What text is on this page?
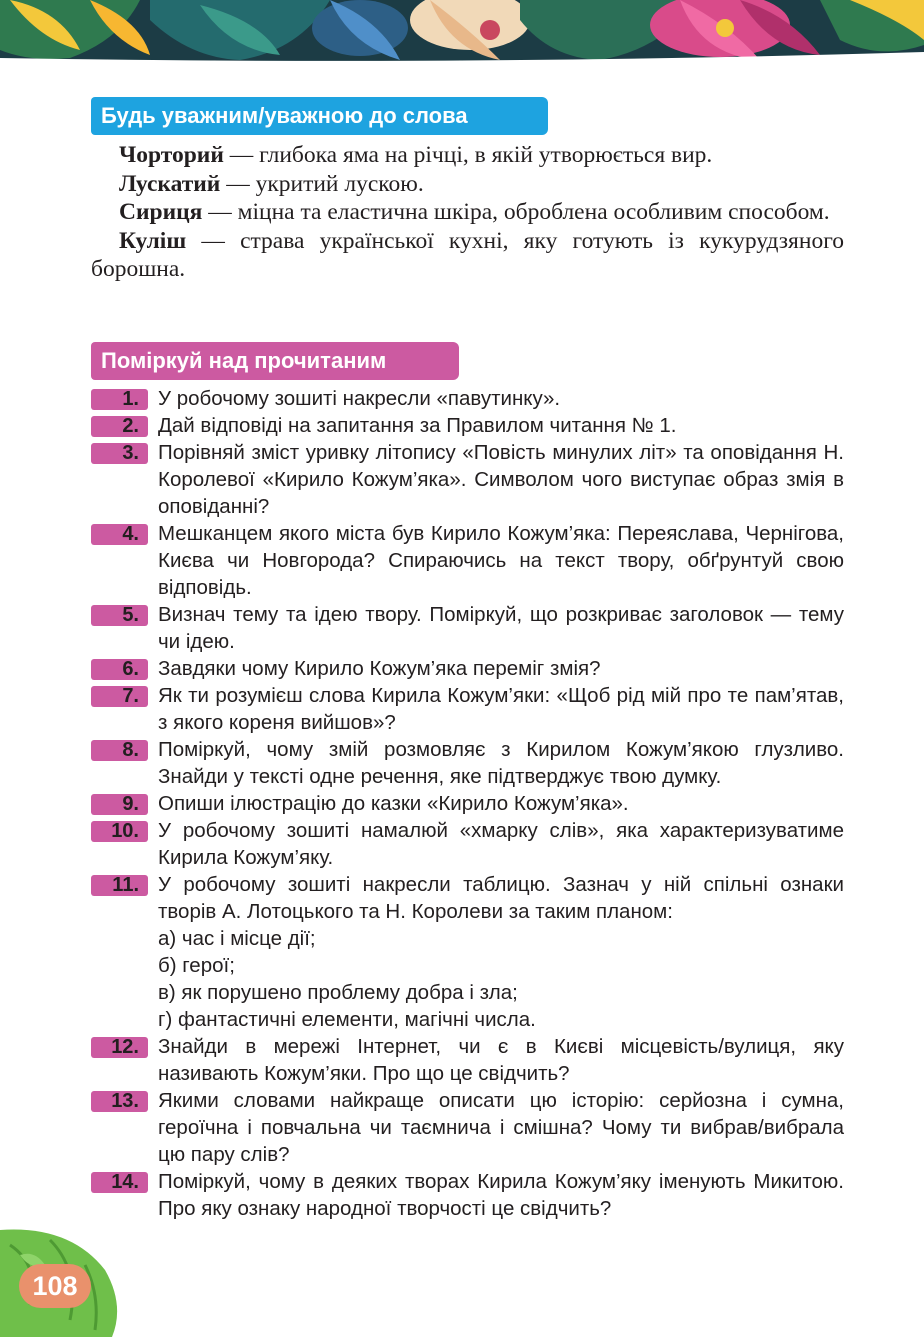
Будь уважним/уважною до слова

Чорторий — глибока яма на річці, в якій утворюється вир.

Лускатий — укритий лускою.

Сириця — міцна та еластична шкіра, оброблена особливим способом.

Куліш — страва української кухні, яку готують із кукурудзяного борошна.

Поміркуй над прочитаним
1. У робочому зошиті накресли «павутинку».
2. Дай відповіді на запитання за Правилом читання № 1.
3. Порівняй зміст уривку літопису «Повість минулих літ» та оповідання Н. Королевої «Кирило Кожум’яка». Символом чого виступає образ змія в оповіданні?
4. Мешканцем якого міста був Кирило Кожум’яка: Переяслава, Чернігова, Києва чи Новгорода? Спираючись на текст твору, обґрунтуй свою відповідь.
5. Визнач тему та ідею твору. Поміркуй, що розкриває заголовок — тему чи ідею.
6. Завдяки чому Кирило Кожум’яка переміг змія?
7. Як ти розумієш слова Кирила Кожум’яки: «Щоб рід мій про те пам’ятав, з якого кореня вийшов»?
8. Поміркуй, чому змій розмовляє з Кирилом Кожум’якою глузливо. Знайди у тексті одне речення, яке підтверджує твою думку.
9. Опиши ілюстрацію до казки «Кирило Кожум’яка».
10. У робочому зошиті намалюй «хмарку слів», яка характеризуватиме Кирила Кожум’яку.
11. У робочому зошиті накресли таблицю. Зазнач у ній спільні ознаки творів А. Лотоцького та Н. Королеви за таким планом:
а) час і місце дії;
б) герої;
в) як порушено проблему добра і зла;
г) фантастичні елементи, магічні числа.
12. Знайди в мережі Інтернет, чи є в Києві місцевість/вулиця, яку називають Кожум’яки. Про що це свідчить?
13. Якими словами найкраще описати цю історію: серйозна і сумна, героїчна і повчальна чи таємнича і смішна? Чому ти вибрав/вибрала цю пару слів?
14. Поміркуй, чому в деяких творах Кирила Кожум’яку іменують Микитою. Про яку ознаку народної творчості це свідчить?
108
